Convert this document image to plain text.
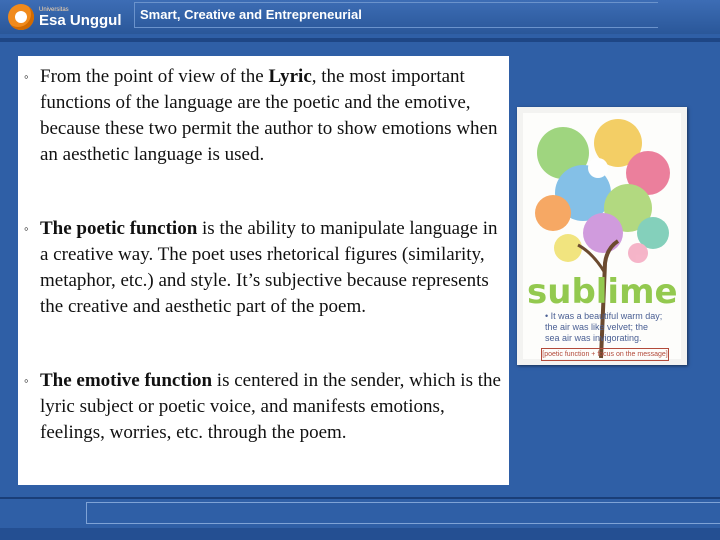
Universitas
Esa Unggul Smart, Creative and Entrepreneurial
◦ From the point of view of the Lyric, the most important functions of the language are the poetic and the emotive, because these two permit the author to show emotions when an aesthetic language is used.
◦ The poetic function is the ability to manipulate language in a creative way. The poet uses rhetorical figures (similarity, metaphor, etc.) and style. It’s subjective because represents the creative and aesthetic part of the poem.
◦ The emotive function is centered in the sender, which is the lyric subject or poetic voice, and manifests emotions, feelings, worries, etc. through the poem.
sublime
• It was a beautiful warm day; the air was like velvet; the sea air was invigorating.
[poetic function + focus on the message]
